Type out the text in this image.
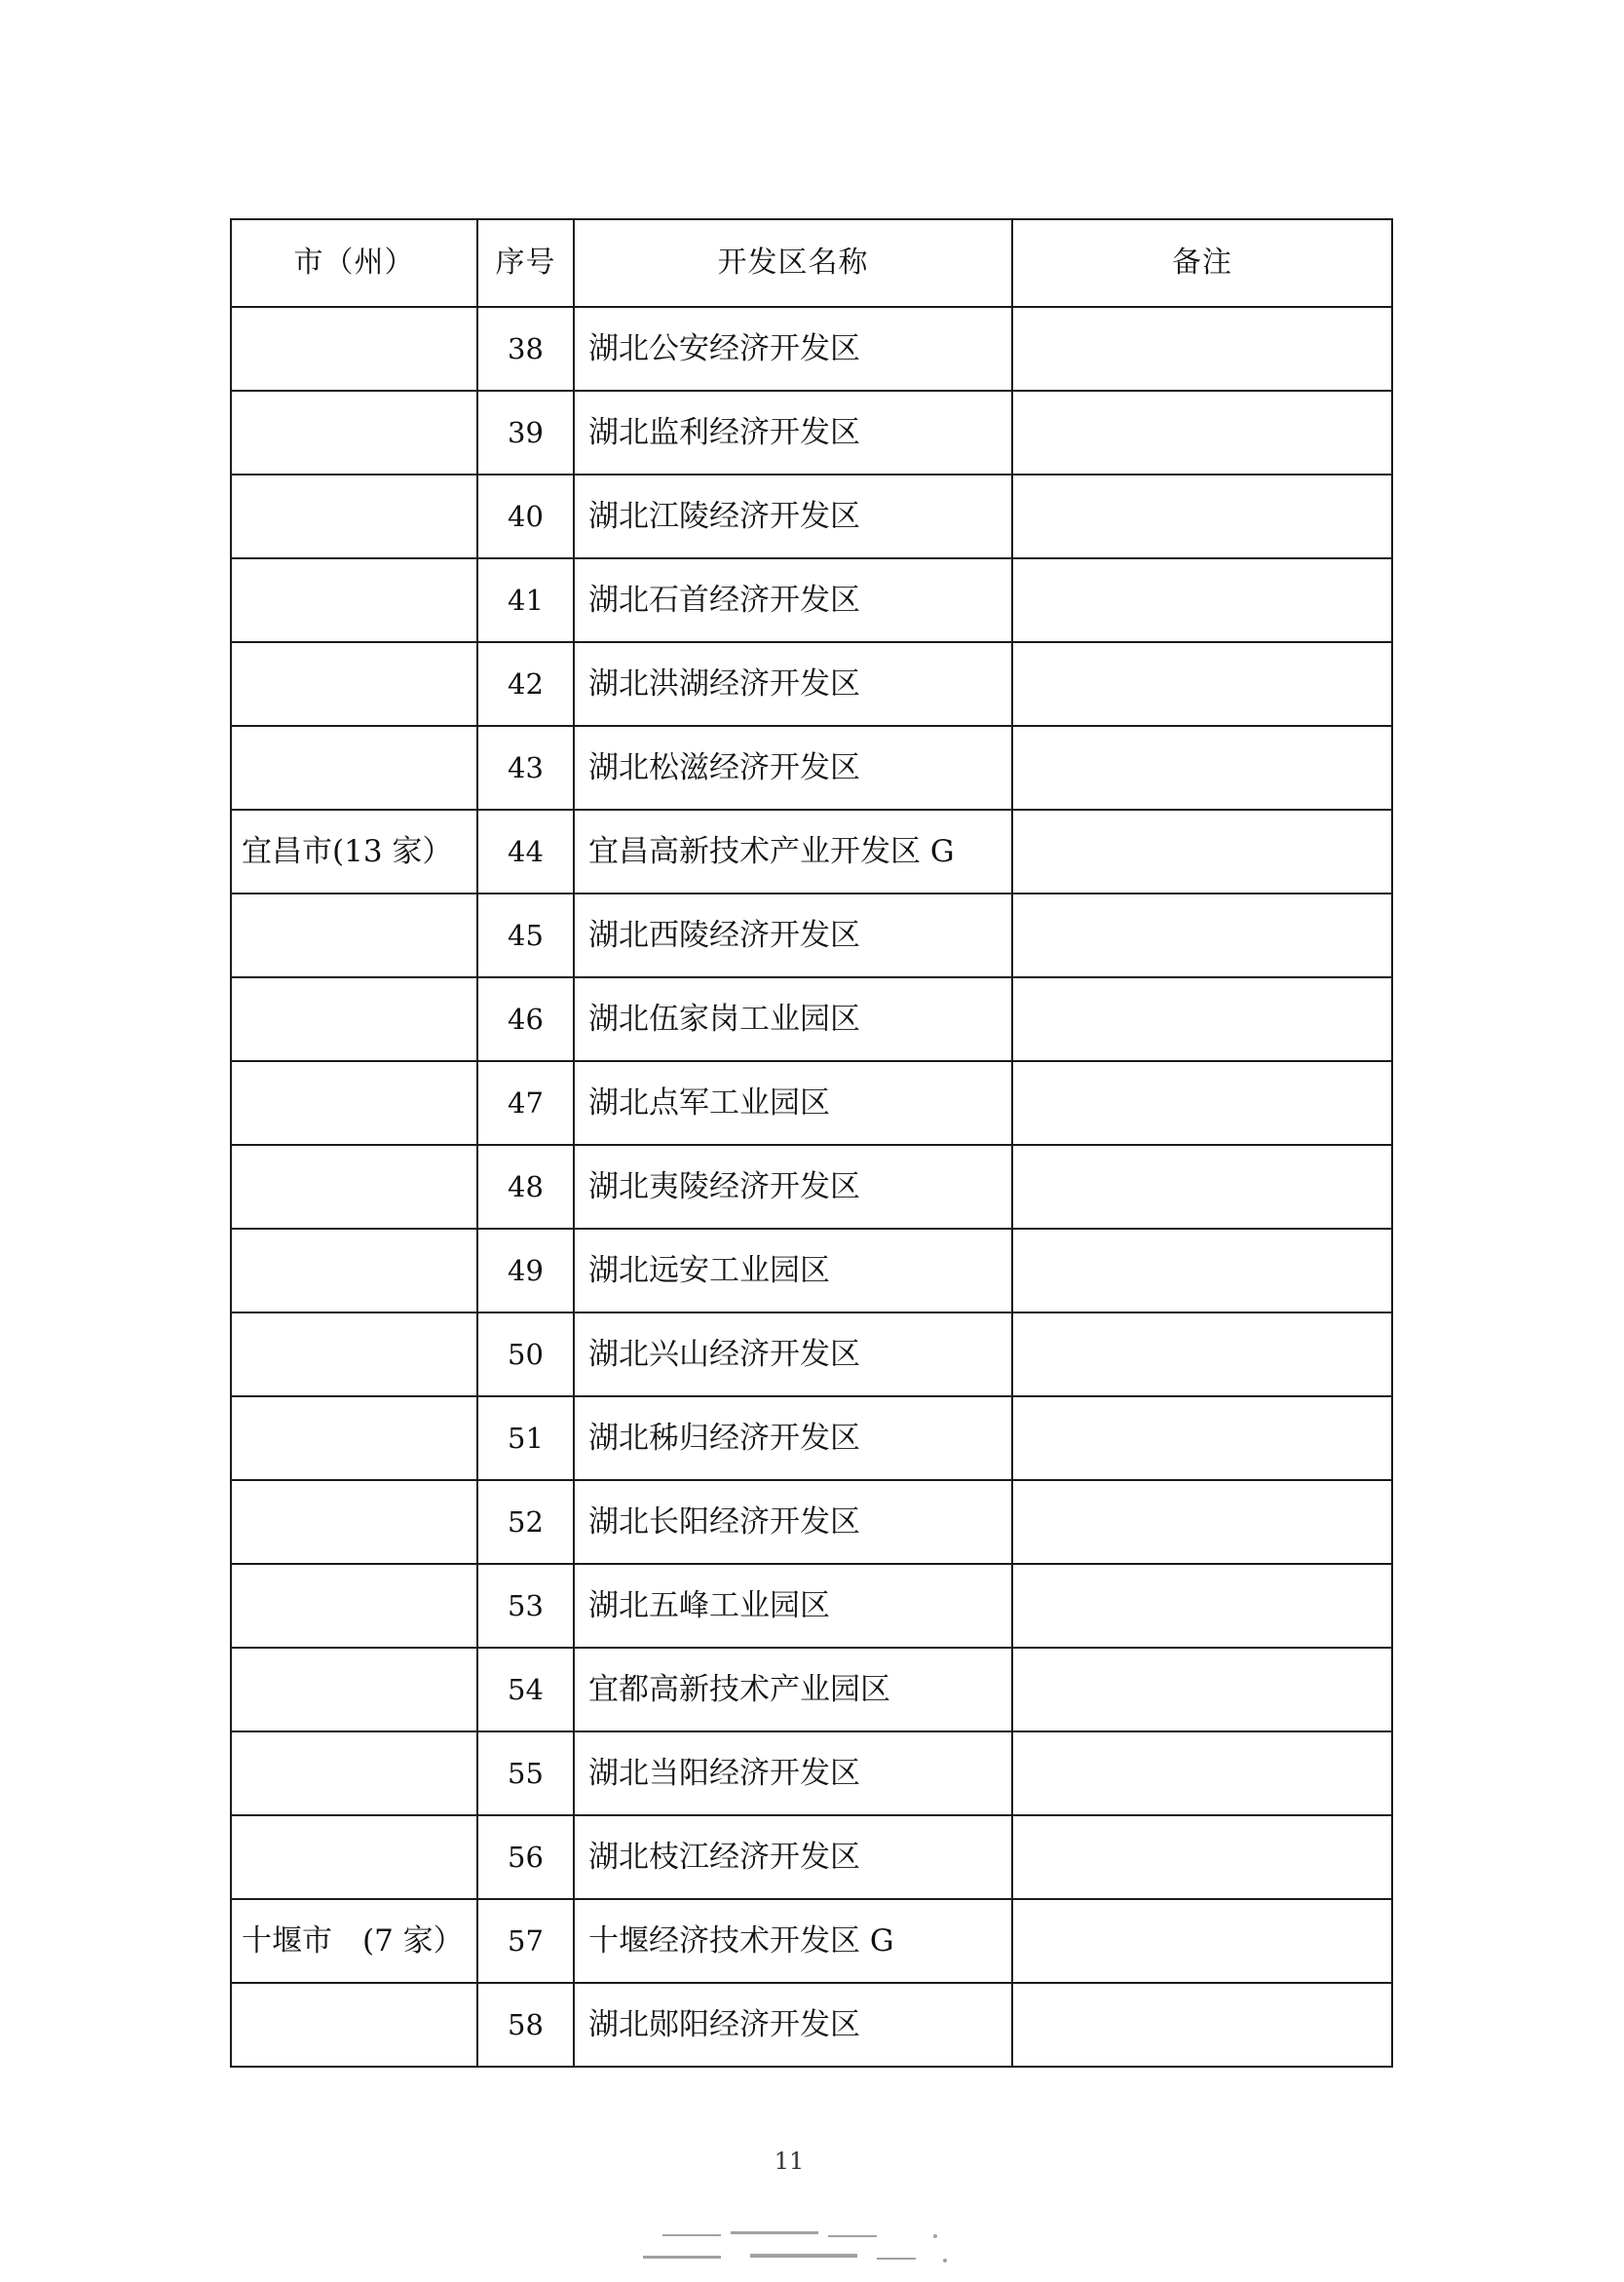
市（州）	序号	开发区名称	备注
	38	湖北公安经济开发区	
	39	湖北监利经济开发区	
	40	湖北江陵经济开发区	
	41	湖北石首经济开发区	
	42	湖北洪湖经济开发区	
	43	湖北松滋经济开发区	
宜昌市(13 家）	44	宜昌高新技术产业开发区 G	
	45	湖北西陵经济开发区	
	46	湖北伍家岗工业园区	
	47	湖北点军工业园区	
	48	湖北夷陵经济开发区	
	49	湖北远安工业园区	
	50	湖北兴山经济开发区	
	51	湖北秭归经济开发区	
	52	湖北长阳经济开发区	
	53	湖北五峰工业园区	
	54	宜都高新技术产业园区	
	55	湖北当阳经济开发区	
	56	湖北枝江经济开发区	
十堰市　(7 家）	57	十堰经济技术开发区 G	
	58	湖北郧阳经济开发区	
11
